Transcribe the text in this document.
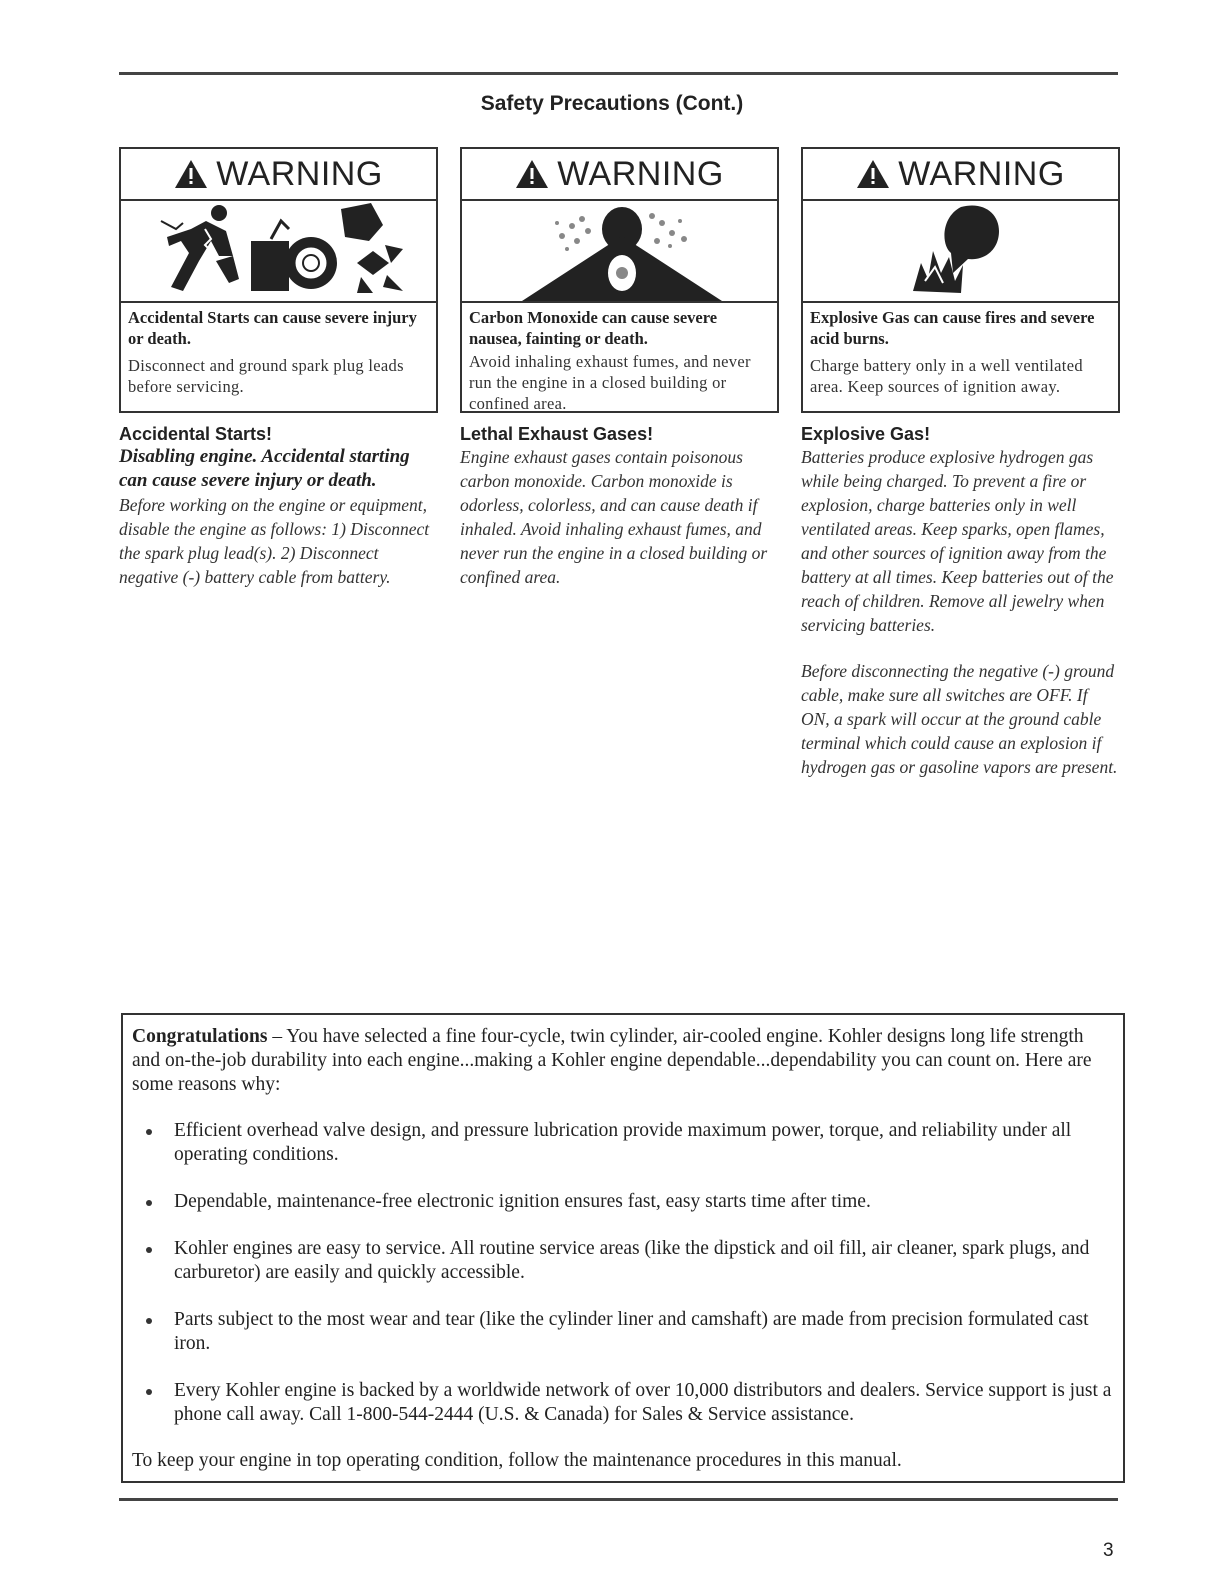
Safety Precautions (Cont.)
WARNING
Accidental Starts can cause severe injury or death.
Disconnect and ground spark plug leads before servicing.
WARNING
Carbon Monoxide can cause severe nausea, fainting or death.
Avoid inhaling exhaust fumes, and never run the engine in a closed building or confined area.
WARNING
Explosive Gas can cause fires and severe acid burns.
Charge battery only in a well ventilated area. Keep sources of ignition away.
Accidental Starts!
Disabling engine. Accidental starting can cause severe injury or death.
Before working on the engine or equipment, disable the engine as follows: 1) Disconnect the spark plug lead(s). 2) Disconnect negative (-) battery cable from battery.
Lethal Exhaust Gases!
Engine exhaust gases contain poisonous carbon monoxide. Carbon monoxide is odorless, colorless, and can cause death if inhaled. Avoid inhaling exhaust fumes, and never run the engine in a closed building or confined area.
Explosive Gas!
Batteries produce explosive hydrogen gas while being charged. To prevent a fire or explosion, charge batteries only in well ventilated areas. Keep sparks, open flames, and other sources of ignition away from the battery at all times. Keep batteries out of the reach of children. Remove all jewelry when servicing batteries.
Before disconnecting the negative (-) ground cable, make sure all switches are OFF. If ON, a spark will occur at the ground cable terminal which could cause an explosion if hydrogen gas or gasoline vapors are present.
Congratulations – You have selected a fine four-cycle, twin cylinder, air-cooled engine. Kohler designs long life strength and on-the-job durability into each engine...making a Kohler engine dependable...dependability you can count on. Here are some reasons why:
Efficient overhead valve design, and pressure lubrication provide maximum power, torque, and reliability under all operating conditions.
Dependable, maintenance-free electronic ignition ensures fast, easy starts time after time.
Kohler engines are easy to service. All routine service areas (like the dipstick and oil fill, air cleaner, spark plugs, and carburetor) are easily and quickly accessible.
Parts subject to the most wear and tear (like the cylinder liner and camshaft) are made from precision formulated cast iron.
Every Kohler engine is backed by a worldwide network of over 10,000 distributors and dealers. Service support is just a phone call away. Call 1-800-544-2444 (U.S. & Canada) for Sales & Service assistance.
To keep your engine in top operating condition, follow the maintenance procedures in this manual.
3
